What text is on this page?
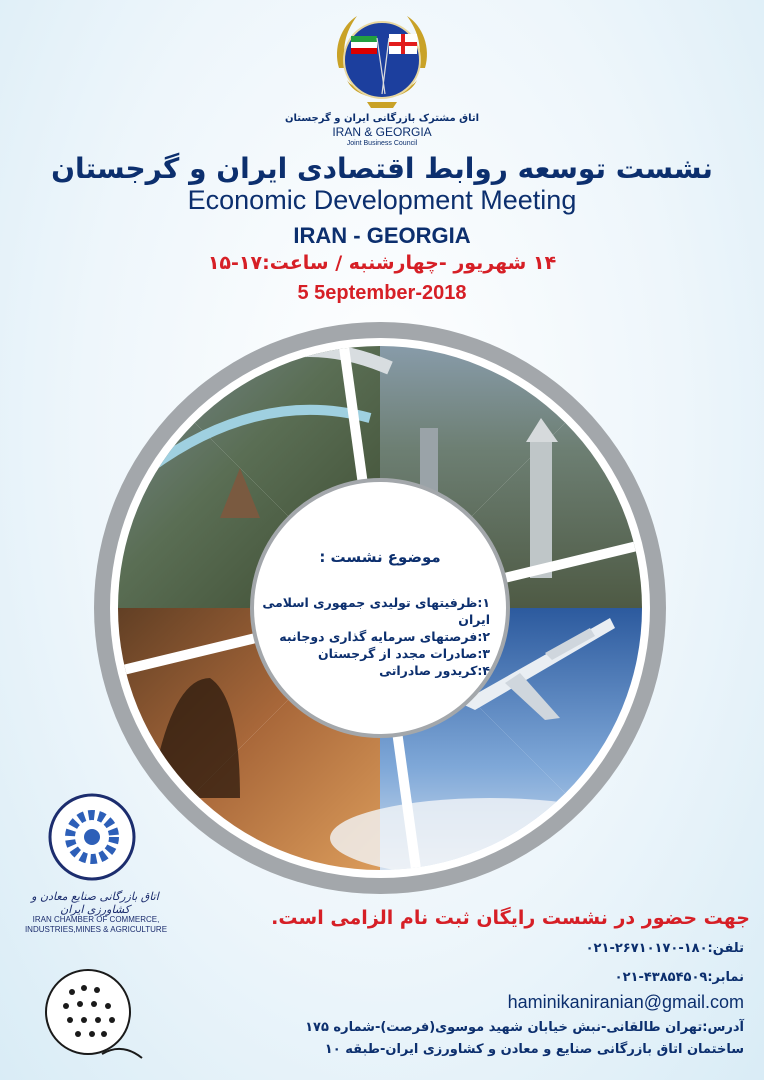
اتاق مشترک بازرگانی ایران و گرجستان
IRAN & GEORGIA
Joint Business Council
نشست توسعه روابط اقتصادی ایران و گرجستان
Economic Development Meeting
IRAN - GEORGIA
۱۴ شهریور -چهارشنبه / ساعت:۱۷-۱۵
5 5eptember-2018
موضوع نشست :
۱:ظرفیتهای تولیدی جمهوری اسلامی ایران
۲:فرصتهای سرمایه گذاری دوجانبه
۳:صادرات مجدد از گرجستان
۴:کریدور صادراتی
اتاق بازرگانی صنایع معادن و کشاورزی ایران
IRAN CHAMBER OF COMMERCE,
INDUSTRIES,MINES & AGRICULTURE
جهت حضور در نشست رایگان ثبت نام الزامی است.
تلفن:۱۸۰-۲۶۷۱۰۱۷۰-۰۲۱
نمابر:۴۳۸۵۴۵۰۹-۰۲۱
haminikaniranian@gmail.com
آدرس:تهران طالقانی-نبش خیابان شهید موسوی(فرصت)-شماره ۱۷۵
ساختمان اتاق بازرگانی صنایع و معادن و کشاورزی ایران-طبقه ۱۰
